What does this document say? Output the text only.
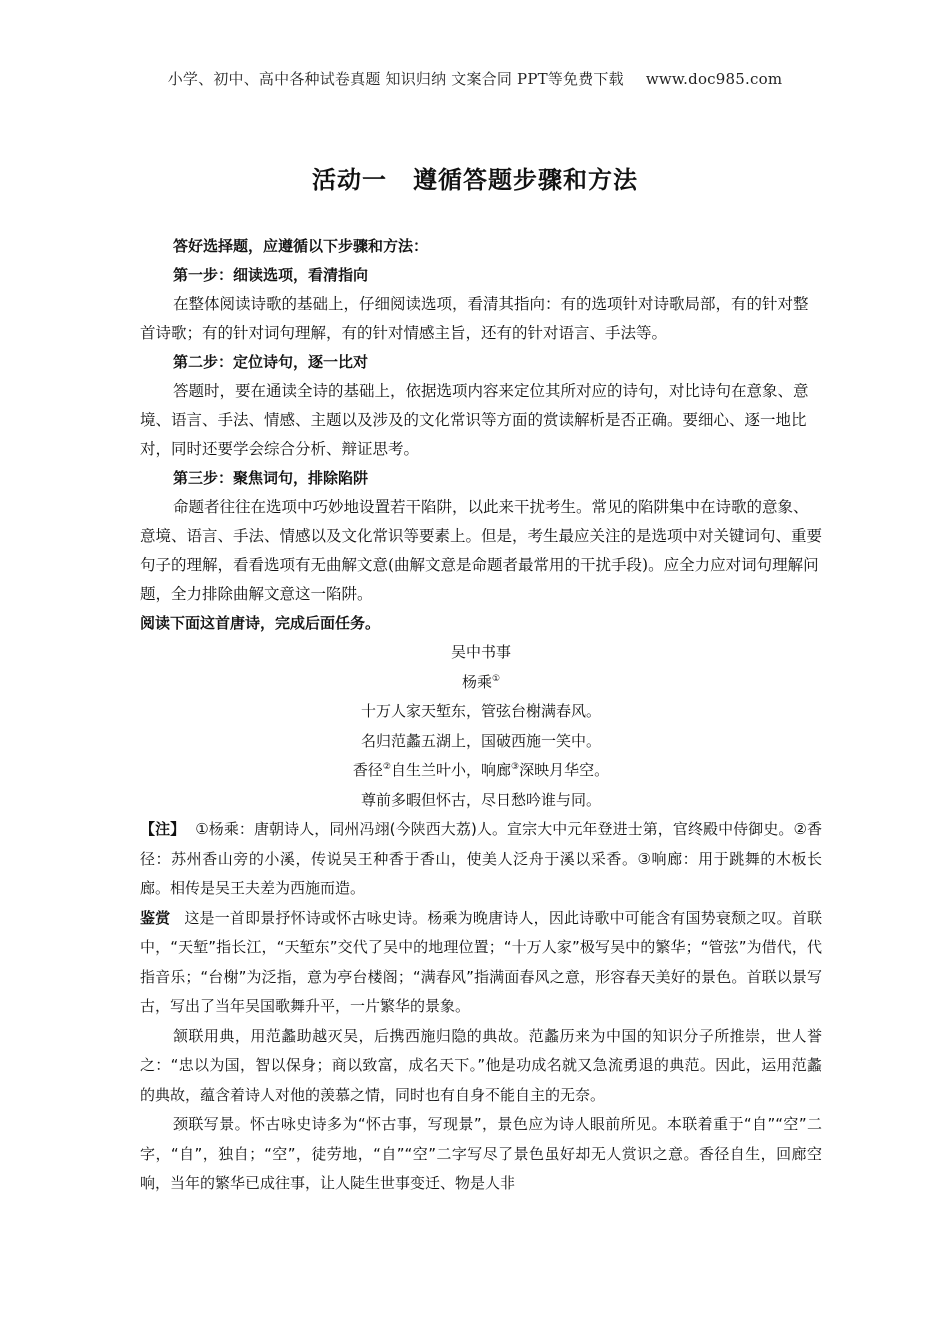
小学、初中、高中各种试卷真题 知识归纳 文案合同 PPT等免费下载 www.doc985.com
活动一 遵循答题步骤和方法

答好选择题，应遵循以下步骤和方法：

第一步：细读选项，看清指向

在整体阅读诗歌的基础上，仔细阅读选项，看清其指向：有的选项针对诗歌局部，有的针对整首诗歌；有的针对词句理解，有的针对情感主旨，还有的针对语言、手法等。

第二步：定位诗句，逐一比对

答题时，要在通读全诗的基础上，依据选项内容来定位其所对应的诗句，对比诗句在意象、意境、语言、手法、情感、主题以及涉及的文化常识等方面的赏读解析是否正确。要细心、逐一地比对，同时还要学会综合分析、辩证思考。

第三步：聚焦词句，排除陷阱

命题者往往在选项中巧妙地设置若干陷阱，以此来干扰考生。常见的陷阱集中在诗歌的意象、意境、语言、手法、情感以及文化常识等要素上。但是，考生最应关注的是选项中对关键词句、重要句子的理解，看看选项有无曲解文意(曲解文意是命题者最常用的干扰手段)。应全力应对词句理解问题，全力排除曲解文意这一陷阱。

阅读下面这首唐诗，完成后面任务。

吴中书事

杨乘①

十万人家天堑东，管弦台榭满春风。

名归范蠡五湖上，国破西施一笑中。

香径②自生兰叶小，响廊③深映月华空。

尊前多暇但怀古，尽日愁吟谁与同。

【注】 ①杨乘：唐朝诗人，同州冯翊(今陕西大荔)人。宣宗大中元年登进士第，官终殿中侍御史。②香径：苏州香山旁的小溪，传说吴王种香于香山，使美人泛舟于溪以采香。③响廊：用于跳舞的木板长廊。相传是吴王夫差为西施而造。

鉴赏 这是一首即景抒怀诗或怀古咏史诗。杨乘为晚唐诗人，因此诗歌中可能含有国势衰颓之叹。首联中，“天堑”指长江，“天堑东”交代了吴中的地理位置；“十万人家”极写吴中的繁华；“管弦”为借代，代指音乐；“台榭”为泛指，意为亭台楼阁；“满春风”指满面春风之意，形容春天美好的景色。首联以景写古，写出了当年吴国歌舞升平，一片繁华的景象。

颔联用典，用范蠡助越灭吴，后携西施归隐的典故。范蠡历来为中国的知识分子所推崇，世人誉之：“忠以为国，智以保身；商以致富，成名天下。”他是功成名就又急流勇退的典范。因此，运用范蠡的典故，蕴含着诗人对他的羡慕之情，同时也有自身不能自主的无奈。

颈联写景。怀古咏史诗多为“怀古事，写现景”，景色应为诗人眼前所见。本联着重于“自”“空”二字，“自”，独自；“空”，徒劳地，“自”“空”二字写尽了景色虽好却无人赏识之意。香径自生，回廊空响，当年的繁华已成往事，让人陡生世事变迁、物是人非
